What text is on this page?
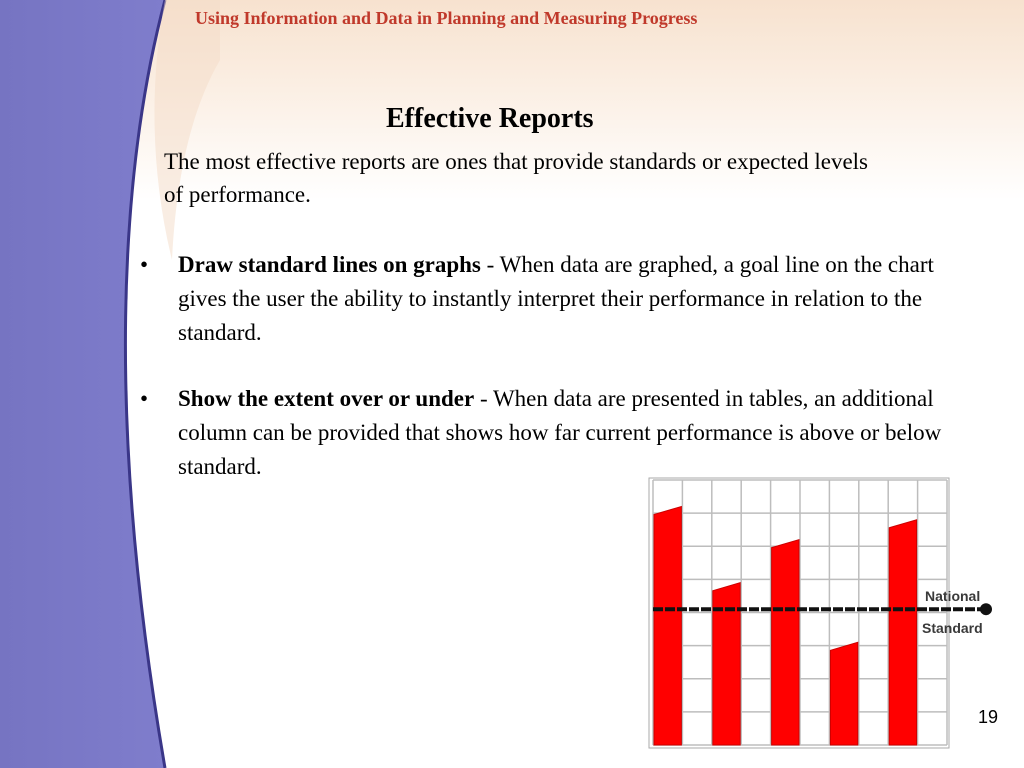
Using Information and Data in Planning and Measuring Progress
Effective Reports
The most effective reports are ones that provide standards or expected levels of performance.
•	Draw standard lines on graphs - When data are graphed, a goal line on the chart gives the user the ability to instantly interpret their performance in relation to the standard.
•	Show the extent over or under - When data are presented in tables, an additional column can be provided that shows how far current performance is above or below standard.
National
Standard
19
